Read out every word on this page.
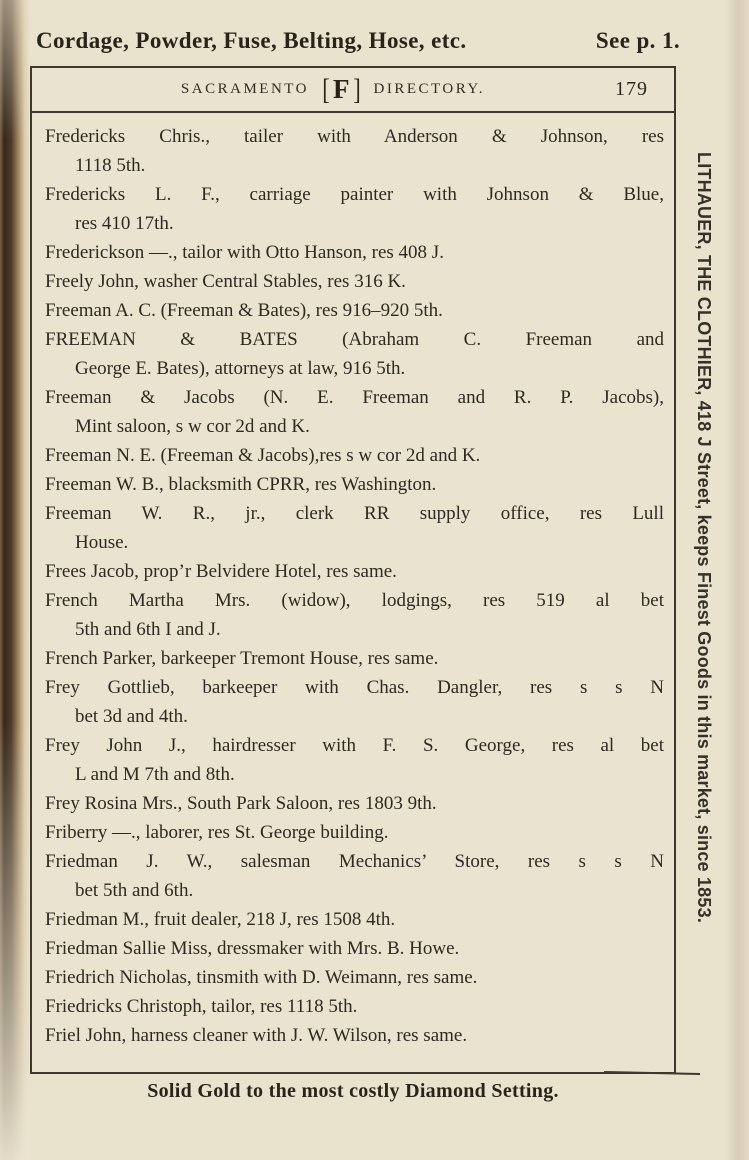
Cordage, Powder, Fuse, Belting, Hose, etc.	See p. 1.
SACRAMENTO [ F ] DIRECTORY.	179
Fredericks Chris., tailer with Anderson & Johnson, res
1118 5th.
Fredericks L. F., carriage painter with Johnson & Blue,
res 410 17th.
Frederickson —., tailor with Otto Hanson, res 408 J.
Freely John, washer Central Stables, res 316 K.
Freeman A. C. (Freeman & Bates), res 916–920 5th.
FREEMAN & BATES (Abraham C. Freeman and
George E. Bates), attorneys at law, 916 5th.
Freeman & Jacobs (N. E. Freeman and R. P. Jacobs),
Mint saloon, s w cor 2d and K.
Freeman N. E. (Freeman & Jacobs),res s w cor 2d and K.
Freeman W. B., blacksmith CPRR, res Washington.
Freeman W. R., jr., clerk RR supply office, res Lull
House.
Frees Jacob, prop’r Belvidere Hotel, res same.
French Martha Mrs. (widow), lodgings, res 519 al bet
5th and 6th I and J.
French Parker, barkeeper Tremont House, res same.
Frey Gottlieb, barkeeper with Chas. Dangler, res s s N
bet 3d and 4th.
Frey John J., hairdresser with F. S. George, res al bet
L and M 7th and 8th.
Frey Rosina Mrs., South Park Saloon, res 1803 9th.
Friberry —., laborer, res St. George building.
Friedman J. W., salesman Mechanics’ Store, res s s N
bet 5th and 6th.
Friedman M., fruit dealer, 218 J, res 1508 4th.
Friedman Sallie Miss, dressmaker with Mrs. B. Howe.
Friedrich Nicholas, tinsmith with D. Weimann, res same.
Friedricks Christoph, tailor, res 1118 5th.
Friel John, harness cleaner with J. W. Wilson, res same.
LITHAUER, THE CLOTHIER, 418 J Street, keeps Finest Goods in this market, since 1853.
Solid Gold to the most costly Diamond Setting.
